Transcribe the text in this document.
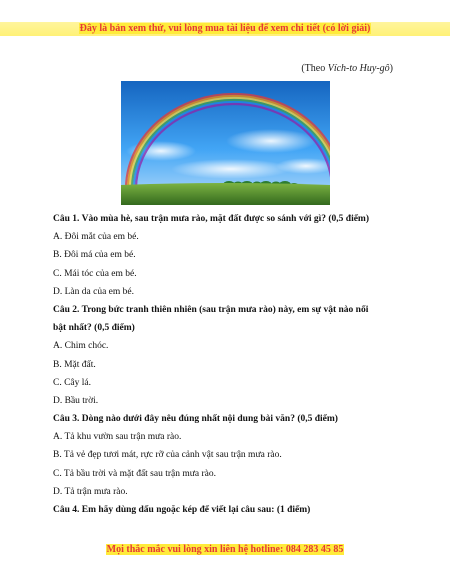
Đây là bản xem thử, vui lòng mua tài liệu để xem chi tiết (có lời giải)
(Theo Vích-to Huy-gô)
Câu 1. Vào mùa hè, sau trận mưa rào, mặt đất được so sánh với gì? (0,5 điểm)
A. Đôi mắt của em bé.
B. Đôi má của em bé.
C. Mái tóc của em bé.
D. Làn da của em bé.
Câu 2. Trong bức tranh thiên nhiên (sau trận mưa rào) này, em sự vật nào nổi
bật nhất? (0,5 điểm)
A. Chim chóc.
B. Mặt đất.
C. Cây lá.
D. Bầu trời.
Câu 3. Dòng nào dưới đây nêu đúng nhất nội dung bài văn? (0,5 điểm)
A. Tả khu vườn sau trận mưa rào.
B. Tả vẻ đẹp tươi mát, rực rỡ của cảnh vật sau trận mưa rào.
C. Tả bầu trời và mặt đất sau trận mưa rào.
D. Tả trận mưa rào.
Câu 4. Em hãy dùng dấu ngoặc kép để viết lại câu sau: (1 điểm)
Mọi thắc mắc vui lòng xin liên hệ hotline: 084 283 45 85
